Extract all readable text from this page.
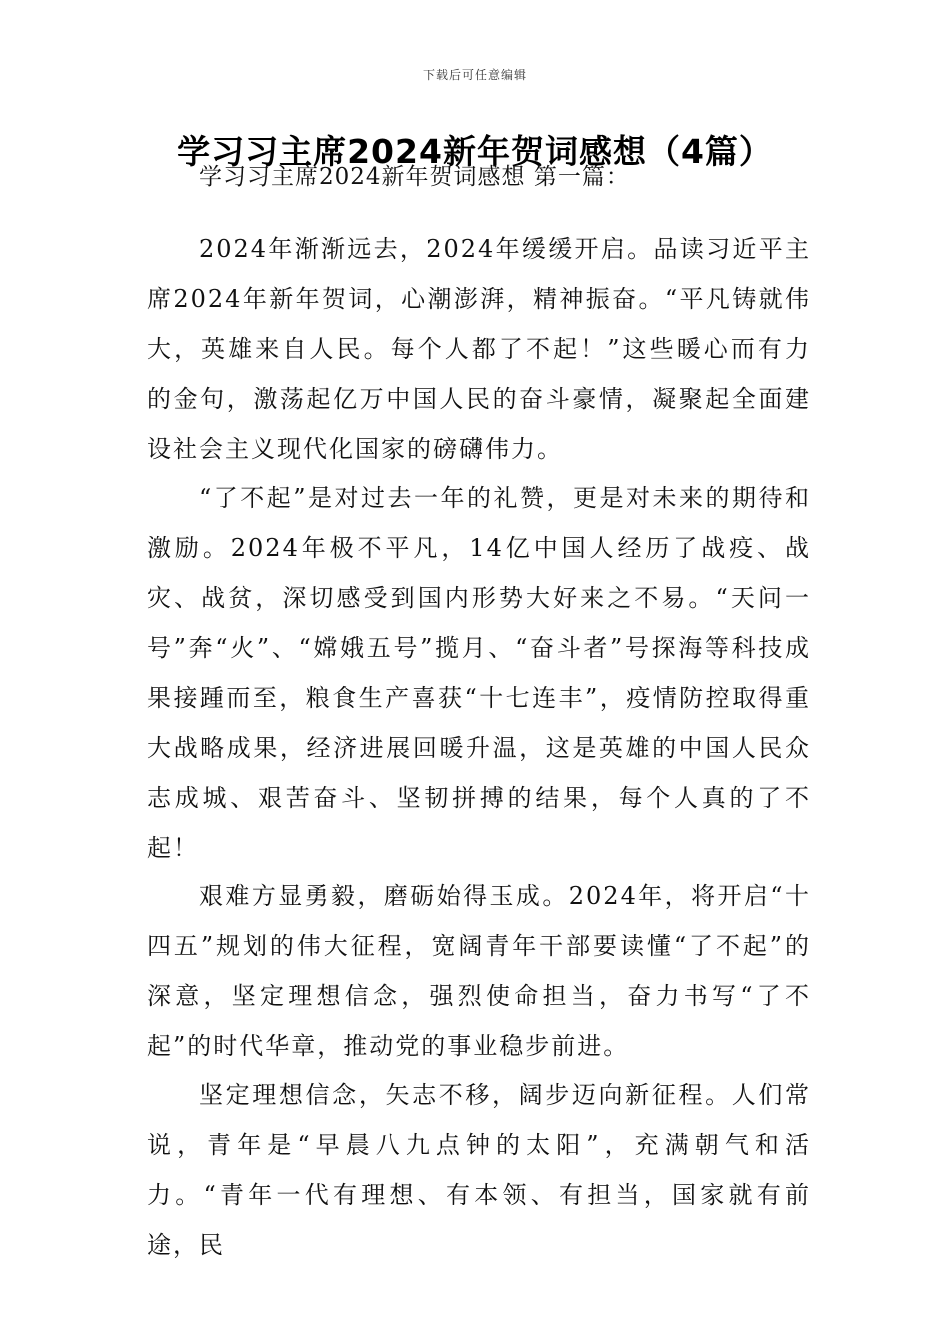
下载后可任意编辑
学习习主席2024新年贺词感想（4篇）
学习习主席2024新年贺词感想 第一篇：

2024年渐渐远去，2024年缓缓开启。品读习近平主席2024年新年贺词，心潮澎湃，精神振奋。“平凡铸就伟大，英雄来自人民。每个人都了不起！”这些暖心而有力的金句，激荡起亿万中国人民的奋斗豪情，凝聚起全面建设社会主义现代化国家的磅礴伟力。

“了不起”是对过去一年的礼赞，更是对未来的期待和激励。2024年极不平凡，14亿中国人经历了战疫、战灾、战贫，深切感受到国内形势大好来之不易。“天问一号”奔“火”、“嫦娥五号”揽月、“奋斗者”号探海等科技成果接踵而至，粮食生产喜获“十七连丰”，疫情防控取得重大战略成果，经济进展回暖升温，这是英雄的中国人民众志成城、艰苦奋斗、坚韧拼搏的结果，每个人真的了不起！

艰难方显勇毅，磨砺始得玉成。2024年，将开启“十四五”规划的伟大征程，宽阔青年干部要读懂“了不起”的深意，坚定理想信念，强烈使命担当，奋力书写“了不起”的时代华章，推动党的事业稳步前进。

坚定理想信念，矢志不移，阔步迈向新征程。人们常说，青年是“早晨八九点钟的太阳”，充满朝气和活力。“青年一代有理想、有本领、有担当，国家就有前途，民
